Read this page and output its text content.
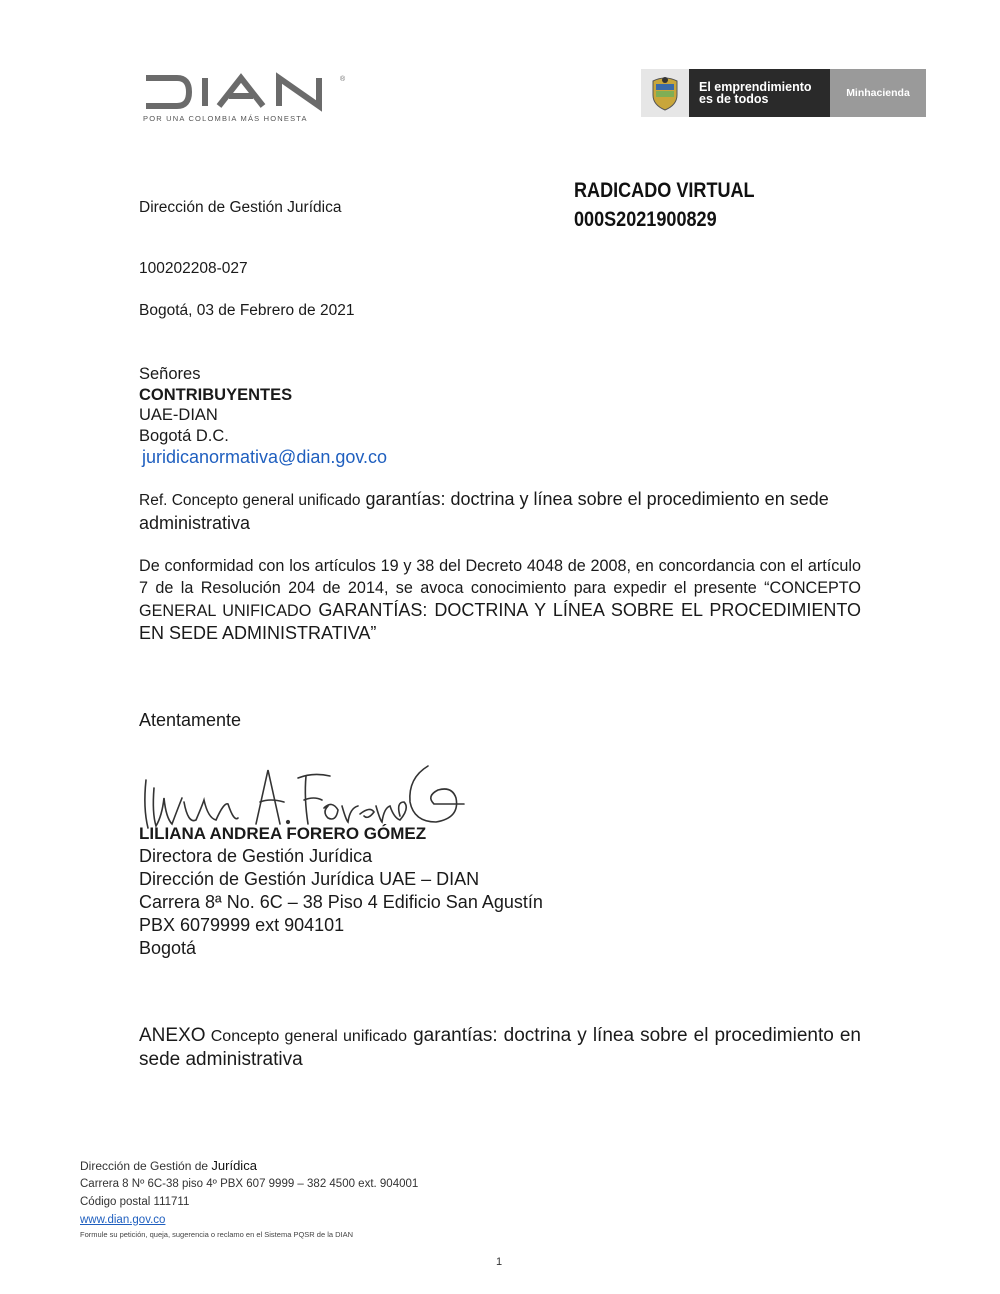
®
POR UNA COLOMBIA MÁS HONESTA
El emprendimiento
es de todos	Minhacienda
Dirección de Gestión Jurídica
RADICADO VIRTUAL
000S2021900829
100202208-027
Bogotá, 03 de Febrero de 2021
Señores
CONTRIBUYENTES
UAE-DIAN
Bogotá D.C.
juridicanormativa@dian.gov.co
Ref. Concepto general unificado garantías: doctrina y línea sobre el procedimiento en sede administrativa
De conformidad con los artículos 19 y 38 del Decreto 4048 de 2008, en concordancia con el artículo 7 de la Resolución 204 de 2014, se avoca conocimiento para expedir el presente “CONCEPTO GENERAL UNIFICADO GARANTÍAS: DOCTRINA Y LÍNEA SOBRE EL PROCEDIMIENTO EN SEDE ADMINISTRATIVA”
Atentamente
LILIANA ANDREA FORERO GÓMEZ
Directora de Gestión Jurídica
Dirección de Gestión Jurídica UAE – DIAN
Carrera 8ª No. 6C – 38 Piso 4 Edificio San Agustín
PBX 6079999 ext 904101
Bogotá
ANEXO Concepto general unificado garantías: doctrina y línea sobre el procedimiento en sede administrativa
Dirección de Gestión de Jurídica
Carrera 8 Nº 6C-38 piso 4º PBX 607 9999 – 382 4500 ext. 904001
Código postal 111711
www.dian.gov.co
Formule su petición, queja, sugerencia o reclamo en el Sistema PQSR de la DIAN
1
